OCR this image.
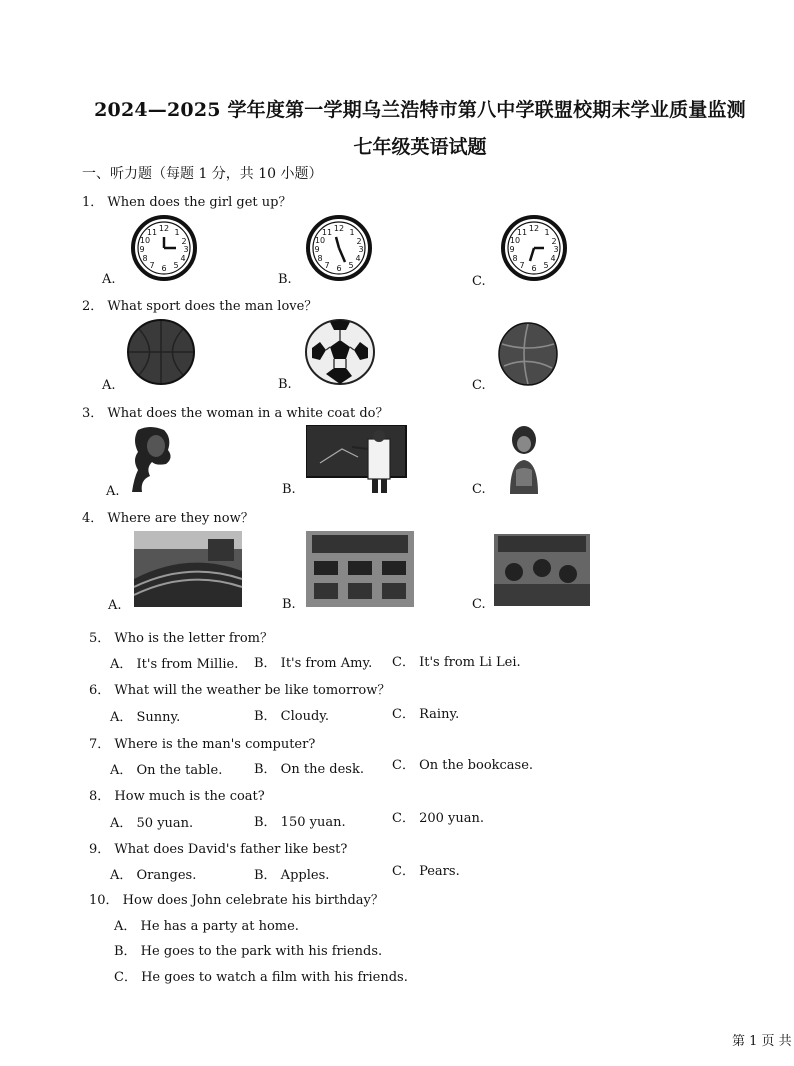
2024—2025 学年度第一学期乌兰浩特市第八中学联盟校期末学业质量监测
七年级英语试题
一、听力题（每题 1 分，共 10 小题）
1． When does the girl get up？
12 1
2
3
4
5
6
7
8
9
10
11	12 1
2
3
4
5
6
7
8
9
10
11	12 1
2
3
4
5
6
7
8
9
10
11
A.	B.	C.
2． What sport does the man love？
A.	B.	C.
3． What does the woman in a white coat do？
A.	B.	C.
4． Where are they now？
A.	B.	C.
5． Who is the letter from？
A． It's from Millie. B． It's from Amy. C． It's from Li Lei.
6． What will the weather be like tomorrow？
A． Sunny.	B． Cloudy.	C． Rainy.
7． Where is the man's computer?
A． On the table. B． On the desk. C． On the bookcase.
8． How much is the coat?
A． 50 yuan.	B． 150 yuan.	C． 200 yuan.
9． What does David's father like best?
A． Oranges.	B． Apples.	C． Pears.
10． How does John celebrate his birthday？
A． He has a party at home.
B． He goes to the park with his friends.
C． He goes to watch a film with his friends.
第 1 页 共
